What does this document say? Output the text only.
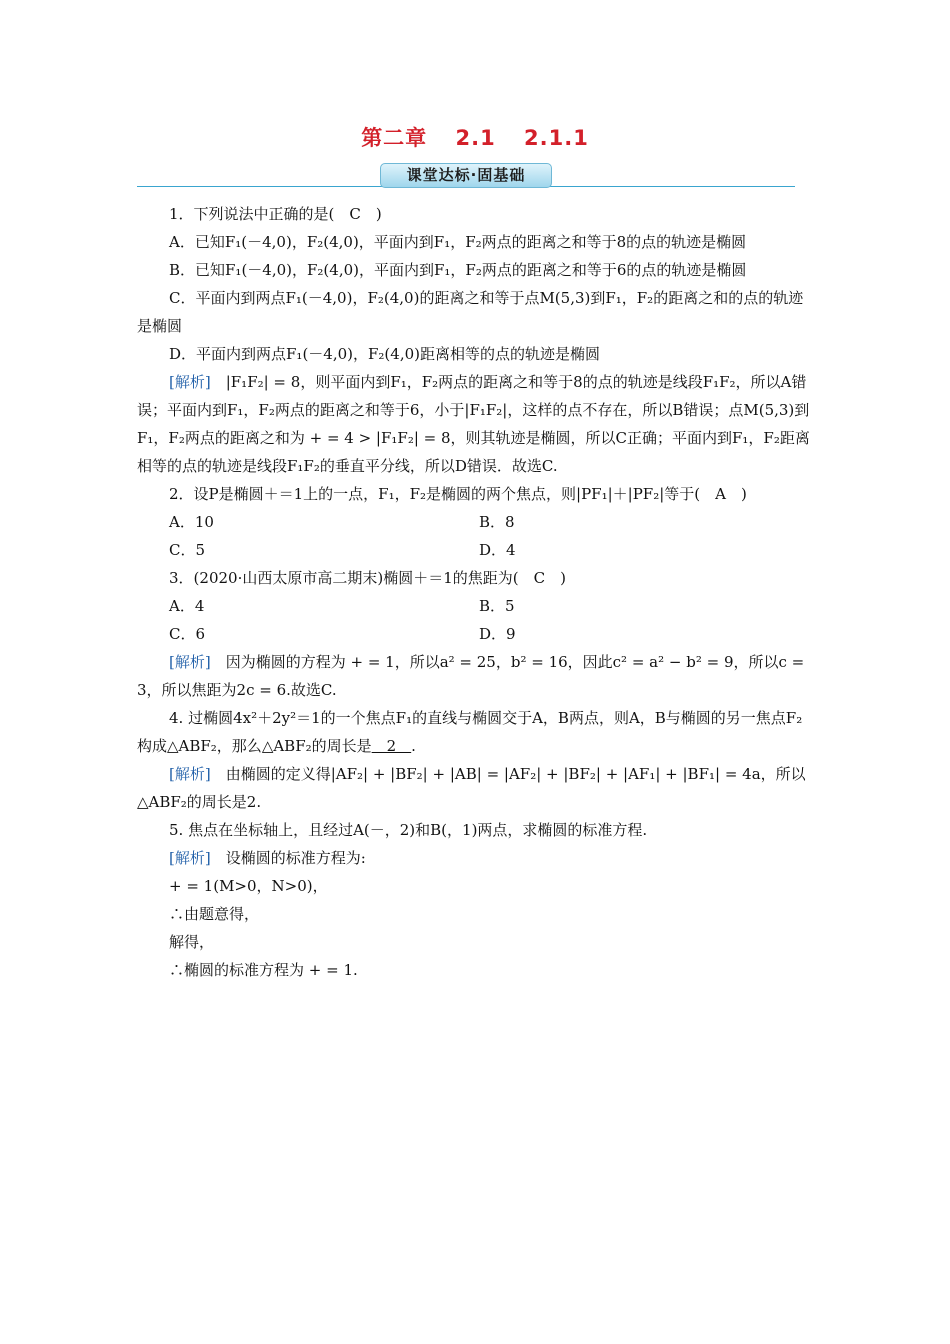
第二章 2.1 2.1.1
课堂达标·固基础

1．下列说法中正确的是(　C　)

A．已知F₁(－4,0)，F₂(4,0)，平面内到F₁，F₂两点的距离之和等于8的点的轨迹是椭圆

B．已知F₁(－4,0)，F₂(4,0)，平面内到F₁，F₂两点的距离之和等于6的点的轨迹是椭圆

C．平面内到两点F₁(－4,0)，F₂(4,0)的距离之和等于点M(5,3)到F₁，F₂的距离之和的点的轨迹是椭圆

D．平面内到两点F₁(－4,0)，F₂(4,0)距离相等的点的轨迹是椭圆

[解析]　|F₁F₂| = 8，则平面内到F₁，F₂两点的距离之和等于8的点的轨迹是线段F₁F₂，所以A错误；平面内到F₁，F₂两点的距离之和等于6，小于|F₁F₂|，这样的点不存在，所以B错误；点M(5,3)到F₁，F₂两点的距离之和为 + = 4 > |F₁F₂| = 8，则其轨迹是椭圆，所以C正确；平面内到F₁，F₂距离相等的点的轨迹是线段F₁F₂的垂直平分线，所以D错误．故选C.

2．设P是椭圆＋＝1上的一点，F₁，F₂是椭圆的两个焦点，则|PF₁|＋|PF₂|等于(　A　)

A．10	B．8
C．5	D．4

3．(2020·山西太原市高二期末)椭圆＋＝1的焦距为(　C　)

A．4	B．5
C．6	D．9

[解析]　因为椭圆的方程为 + = 1，所以a² = 25，b² = 16，因此c² = a² − b² = 9，所以c = 3，所以焦距为2c = 6.故选C.

4. 过椭圆4x²＋2y²＝1的一个焦点F₁的直线与椭圆交于A，B两点，则A，B与椭圆的另一焦点F₂构成△ABF₂，那么△ABF₂的周长是　2　.

[解析]　由椭圆的定义得|AF₂| + |BF₂| + |AB| = |AF₂| + |BF₂| + |AF₁| + |BF₁| = 4a，所以△ABF₂的周长是2.

5. 焦点在坐标轴上，且经过A(－，2)和B(，1)两点，求椭圆的标准方程.

[解析]　设椭圆的标准方程为:

+ = 1(M>0，N>0)，

∴由题意得，

解得，

∴椭圆的标准方程为 + = 1.
